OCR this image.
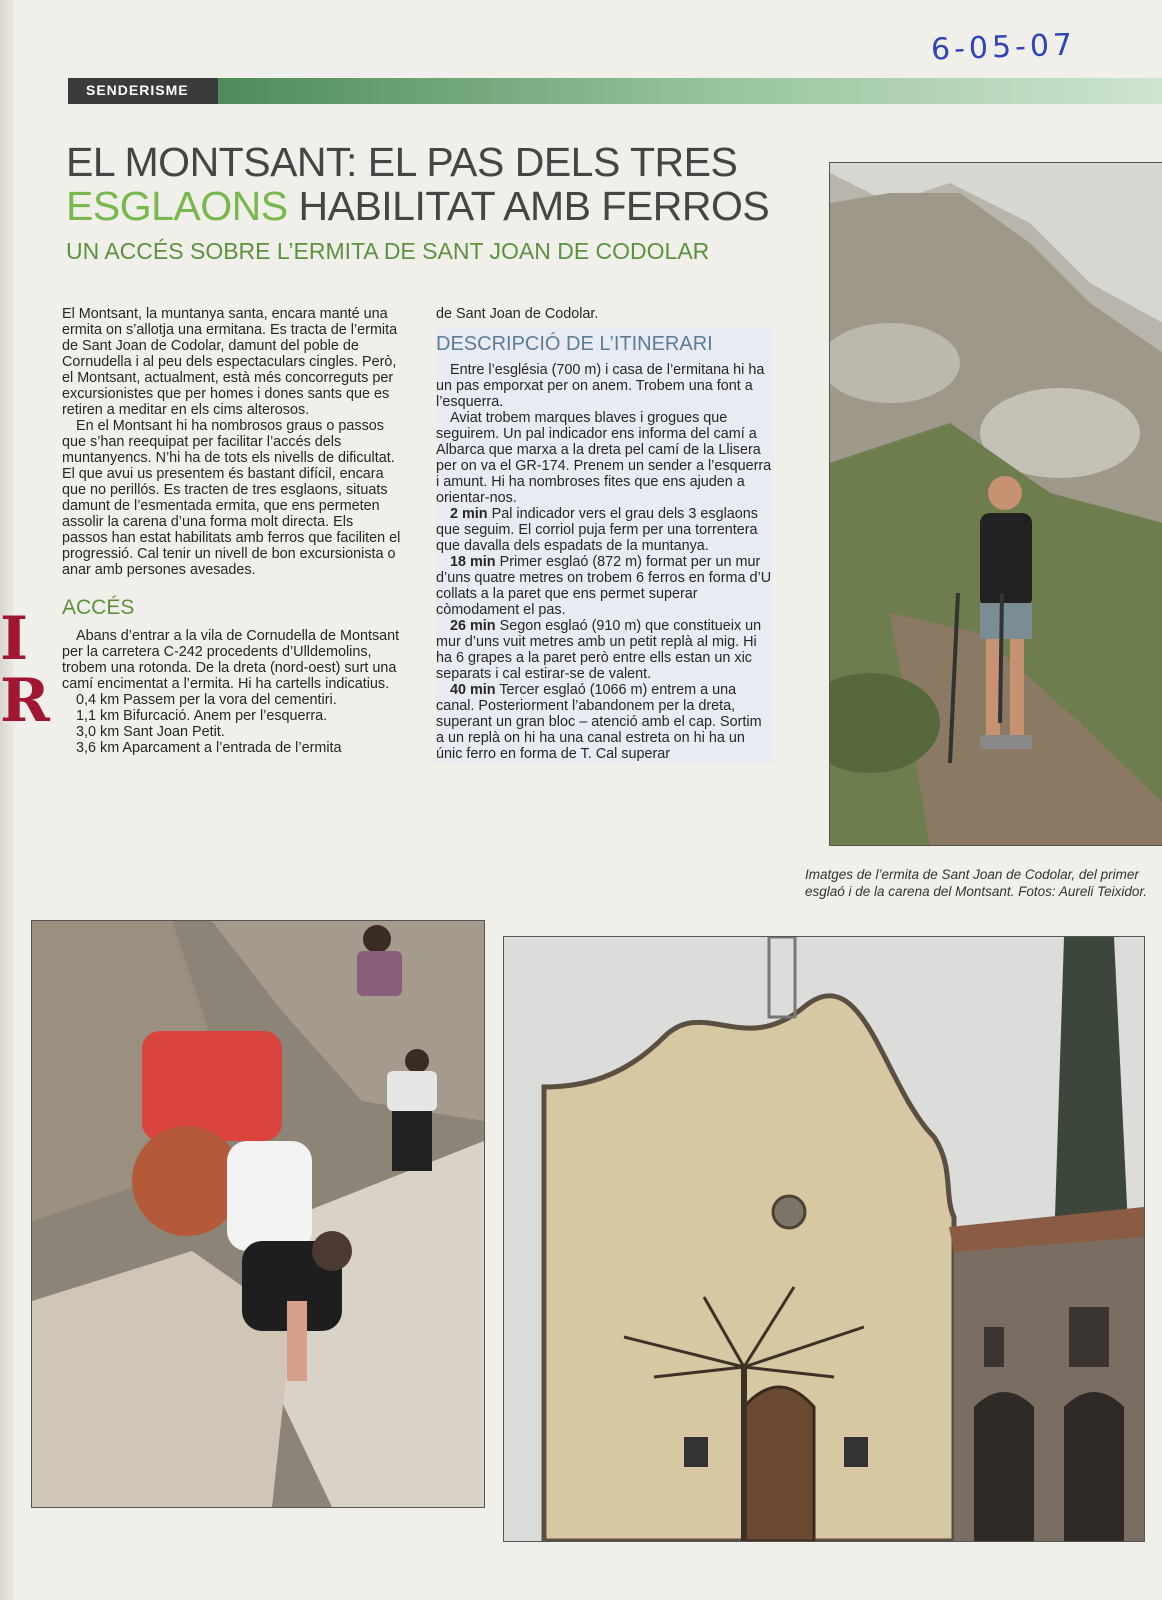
6-05-07
SENDERISME
EL MONTSANT: EL PAS DELS TRES
ESGLAONS HABILITAT AMB FERROS
UN ACCÉS SOBRE L’ERMITA DE SANT JOAN DE CODOLAR
I
R

El Montsant, la muntanya santa, encara manté una ermita on s’allotja una ermitana. Es tracta de l’ermita de Sant Joan de Codolar, damunt del poble de Cornudella i al peu dels espectaculars cingles. Però, el Montsant, actualment, està més concorreguts per excursionistes que per homes i dones sants que es retiren a meditar en els cims alterosos.

En el Montsant hi ha nombrosos graus o passos que s’han reequipat per facilitar l’accés dels muntanyencs. N’hi ha de tots els nivells de dificultat. El que avui us presentem és bastant difícil, encara que no perillós. Es tracten de tres esglaons, situats damunt de l’esmentada ermita, que ens permeten assolir la carena d’una forma molt directa. Els passos han estat habilitats amb ferros que faciliten el progressió. Cal tenir un nivell de bon excursionista o anar amb persones avesades.

ACCÉS

Abans d’entrar a la vila de Cornudella de Montsant per la carretera C-242 procedents d’Ulldemolins, trobem una rotonda. De la dreta (nord-oest) surt una camí encimentat a l’ermita. Hi ha cartells indicatius.

0,4 km Passem per la vora del cementiri.

1,1 km Bifurcació. Anem per l’esquerra.

3,0 km Sant Joan Petit.

3,6 km Aparcament a l’entrada de l’ermita

de Sant Joan de Codolar.

DESCRIPCIÓ DE L’ITINERARI

Entre l’església (700 m) i casa de l’ermitana hi ha un pas emporxat per on anem. Trobem una font a l’esquerra.

Aviat trobem marques blaves i grogues que seguirem. Un pal indicador ens informa del camí a Albarca que marxa a la dreta pel camí de la Llisera per on va el GR-174. Prenem un sender a l’esquerra i amunt. Hi ha nombroses fites que ens ajuden a orientar-nos.

2 min Pal indicador vers el grau dels 3 esglaons que seguim. El corriol puja ferm per una torrentera que davalla dels espadats de la muntanya.

18 min Primer esglaó (872 m) format per un mur d’uns quatre metres on trobem 6 ferros en forma d’U collats a la paret que ens permet superar còmodament el pas.

26 min Segon esglaó (910 m) que constitueix un mur d’uns vuit metres amb un petit replà al mig. Hi ha 6 grapes a la paret però entre ells estan un xic separats i cal estirar-se de valent.

40 min Tercer esglaó (1066 m) entrem a una canal. Posteriorment l’abandonem per la dreta, superant un gran bloc – atenció amb el cap. Sortim a un replà on hi ha una canal estreta on hi ha un únic ferro en forma de T. Cal superar

Imatges de l’ermita de Sant Joan de Codolar, del primer esglaó i de la carena del Montsant. Fotos: Aureli Teixidor.
